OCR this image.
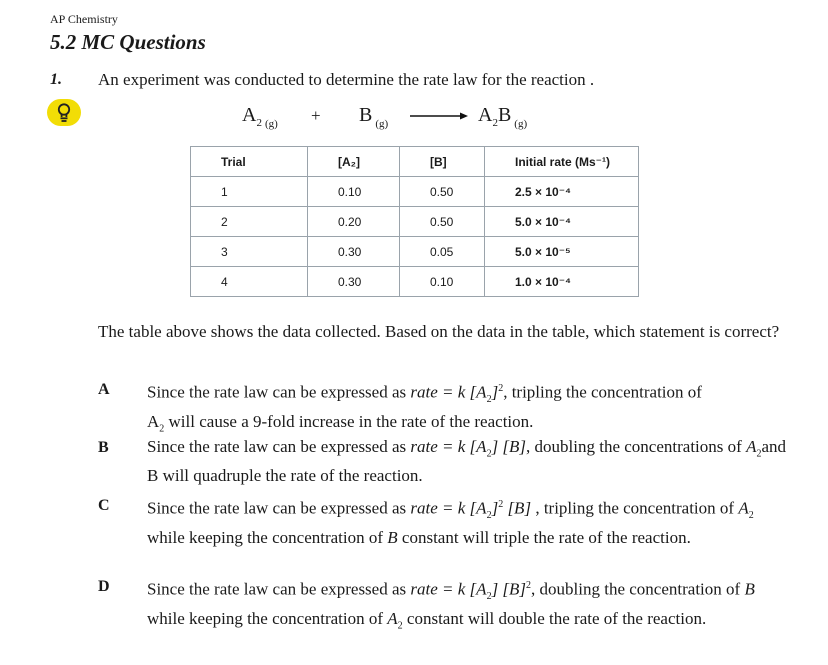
AP Chemistry
5.2 MC Questions
1. An experiment was conducted to determine the rate law for the reaction .
$A_2$ $_{(g)}$ + B $_{(g)} \to A_2B$ $_{(g)}$
Trial	[A₂]	[B]	Initial rate (Ms⁻¹)
1	0.10	0.50	2.5 × 10⁻⁴
2	0.20	0.50	5.0 × 10⁻⁴
3	0.30	0.05	5.0 × 10⁻⁵
4	0.30	0.10	1.0 × 10⁻⁴
The table above shows the data collected. Based on the data in the table, which statement is correct?
A Since the rate law can be expressed as rate = k $[A_2]^2$, tripling the concentration of
$A_2$ will cause a 9-fold increase in the rate of the reaction.
B Since the rate law can be expressed as rate = k $[A_2]$ [B], doubling the concentrations of $A_2and$ B will quadruple the rate of the reaction.
C Since the rate law can be expressed as rate = k $[A_2]^2$ [B] , tripling the concentration of $A_2$ while keeping the concentration of B constant will triple the rate of the reaction.
D Since the rate law can be expressed as rate = k $[A_2]$ $[B]^2$, doubling the concentration of B while keeping the concentration of $A_2$ constant will double the rate of the reaction.
